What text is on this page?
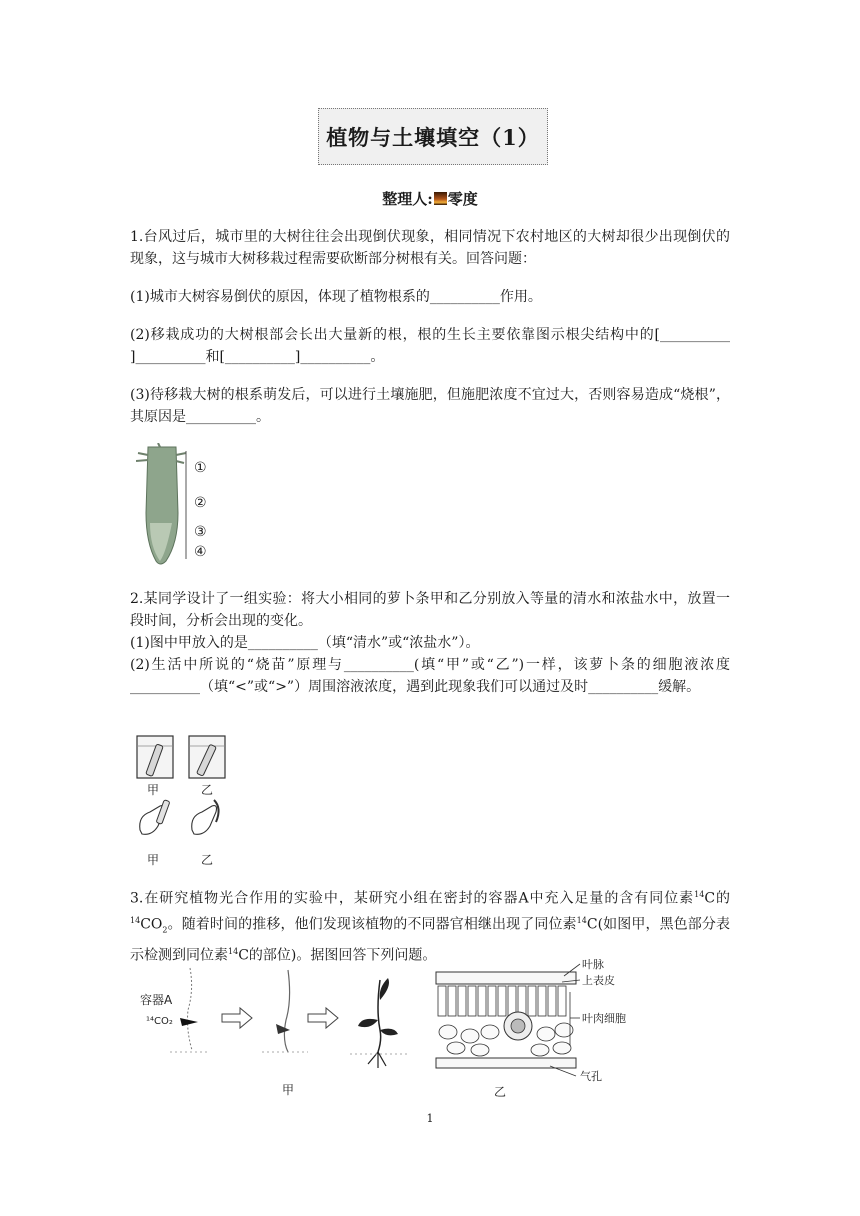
植物与土壤填空（1）
整理人: 零度
1.台风过后，城市里的大树往往会出现倒伏现象，相同情况下农村地区的大树却很少出现倒伏的现象，这与城市大树移栽过程需要砍断部分树根有关。回答问题：
(1)城市大树容易倒伏的原因，体现了植物根系的__________作用。
(2)移栽成功的大树根部会长出大量新的根，根的生长主要依靠图示根尖结构中的[__________ ]__________和[__________]__________。
(3)待移栽大树的根系萌发后，可以进行土壤施肥，但施肥浓度不宜过大，否则容易造成“烧根”，其原因是__________。
①
②
③
④
2.某同学设计了一组实验：将大小相同的萝卜条甲和乙分别放入等量的清水和浓盐水中，放置一段时间，分析会出现的变化。
(1)图中甲放入的是__________（填“清水”或“浓盐水”）。
(2)生活中所说的“烧苗”原理与__________(填“甲”或“乙”)一样，该萝卜条的细胞液浓度__________（填“<”或“>”）周围溶液浓度，遇到此现象我们可以通过及时__________缓解。
甲	乙
甲	乙
3.在研究植物光合作用的实验中，某研究小组在密封的容器A中充入足量的含有同位素$^{14}$C的$^{14}CO_2$。随着时间的推移，他们发现该植物的不同器官相继出现了同位素$^{14}$C(如图甲，黑色部分表示检测到同位素$^{14}$C的部位)。据图回答下列问题。
容器A
¹⁴CO₂
甲
叶脉
上表皮
叶肉细胞
气孔
乙
1
